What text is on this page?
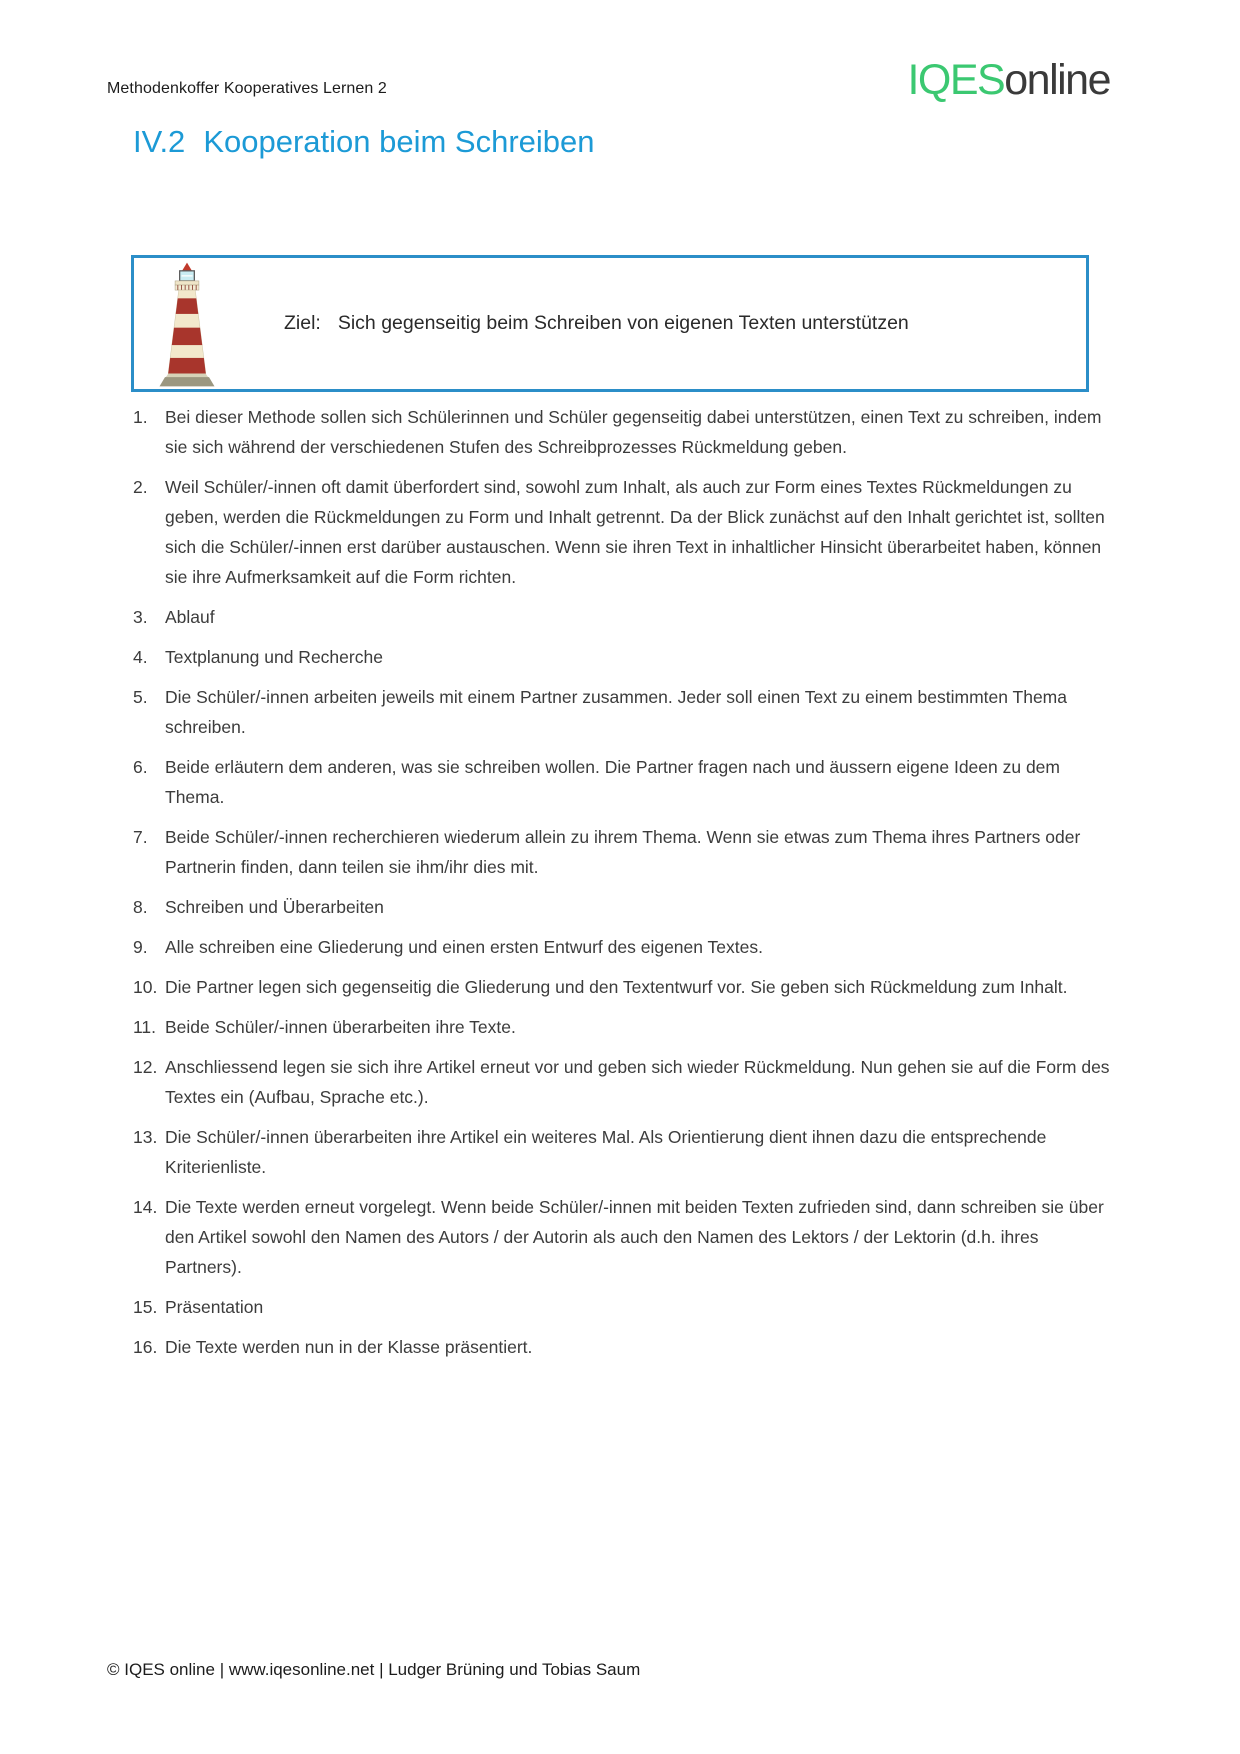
Methodenkoffer Kooperatives Lernen 2	IQESonline
IV.2 Kooperation beim Schreiben
Ziel: Sich gegenseitig beim Schreiben von eigenen Texten unterstützen
1. Bei dieser Methode sollen sich Schülerinnen und Schüler gegenseitig dabei unterstützen, einen Text zu schreiben, indem sie sich während der verschiedenen Stufen des Schreibprozesses Rückmeldung geben.
2. Weil Schüler/-innen oft damit überfordert sind, sowohl zum Inhalt, als auch zur Form eines Textes Rückmeldungen zu geben, werden die Rückmeldungen zu Form und Inhalt getrennt. Da der Blick zunächst auf den Inhalt gerichtet ist, sollten sich die Schüler/-innen erst darüber austauschen. Wenn sie ihren Text in inhaltlicher Hinsicht überarbeitet haben, können sie ihre Aufmerksamkeit auf die Form richten.
3. Ablauf
4. Textplanung und Recherche
5. Die Schüler/-innen arbeiten jeweils mit einem Partner zusammen. Jeder soll einen Text zu einem bestimmten Thema schreiben.
6. Beide erläutern dem anderen, was sie schreiben wollen. Die Partner fragen nach und äussern eigene Ideen zu dem Thema.
7. Beide Schüler/-innen recherchieren wiederum allein zu ihrem Thema. Wenn sie etwas zum Thema ihres Partners oder Partnerin finden, dann teilen sie ihm/ihr dies mit.
8. Schreiben und Überarbeiten
9. Alle schreiben eine Gliederung und einen ersten Entwurf des eigenen Textes.
10. Die Partner legen sich gegenseitig die Gliederung und den Textentwurf vor. Sie geben sich Rückmeldung zum Inhalt.
11. Beide Schüler/-innen überarbeiten ihre Texte.
12. Anschliessend legen sie sich ihre Artikel erneut vor und geben sich wieder Rückmeldung. Nun gehen sie auf die Form des Textes ein (Aufbau, Sprache etc.).
13. Die Schüler/-innen überarbeiten ihre Artikel ein weiteres Mal. Als Orientierung dient ihnen dazu die entsprechende Kriterienliste.
14. Die Texte werden erneut vorgelegt. Wenn beide Schüler/-innen mit beiden Texten zufrieden sind, dann schreiben sie über den Artikel sowohl den Namen des Autors / der Autorin als auch den Namen des Lektors / der Lektorin (d.h. ihres Partners).
15. Präsentation
16. Die Texte werden nun in der Klasse präsentiert.
© IQES online | www.iqesonline.net | Ludger Brüning und Tobias Saum
